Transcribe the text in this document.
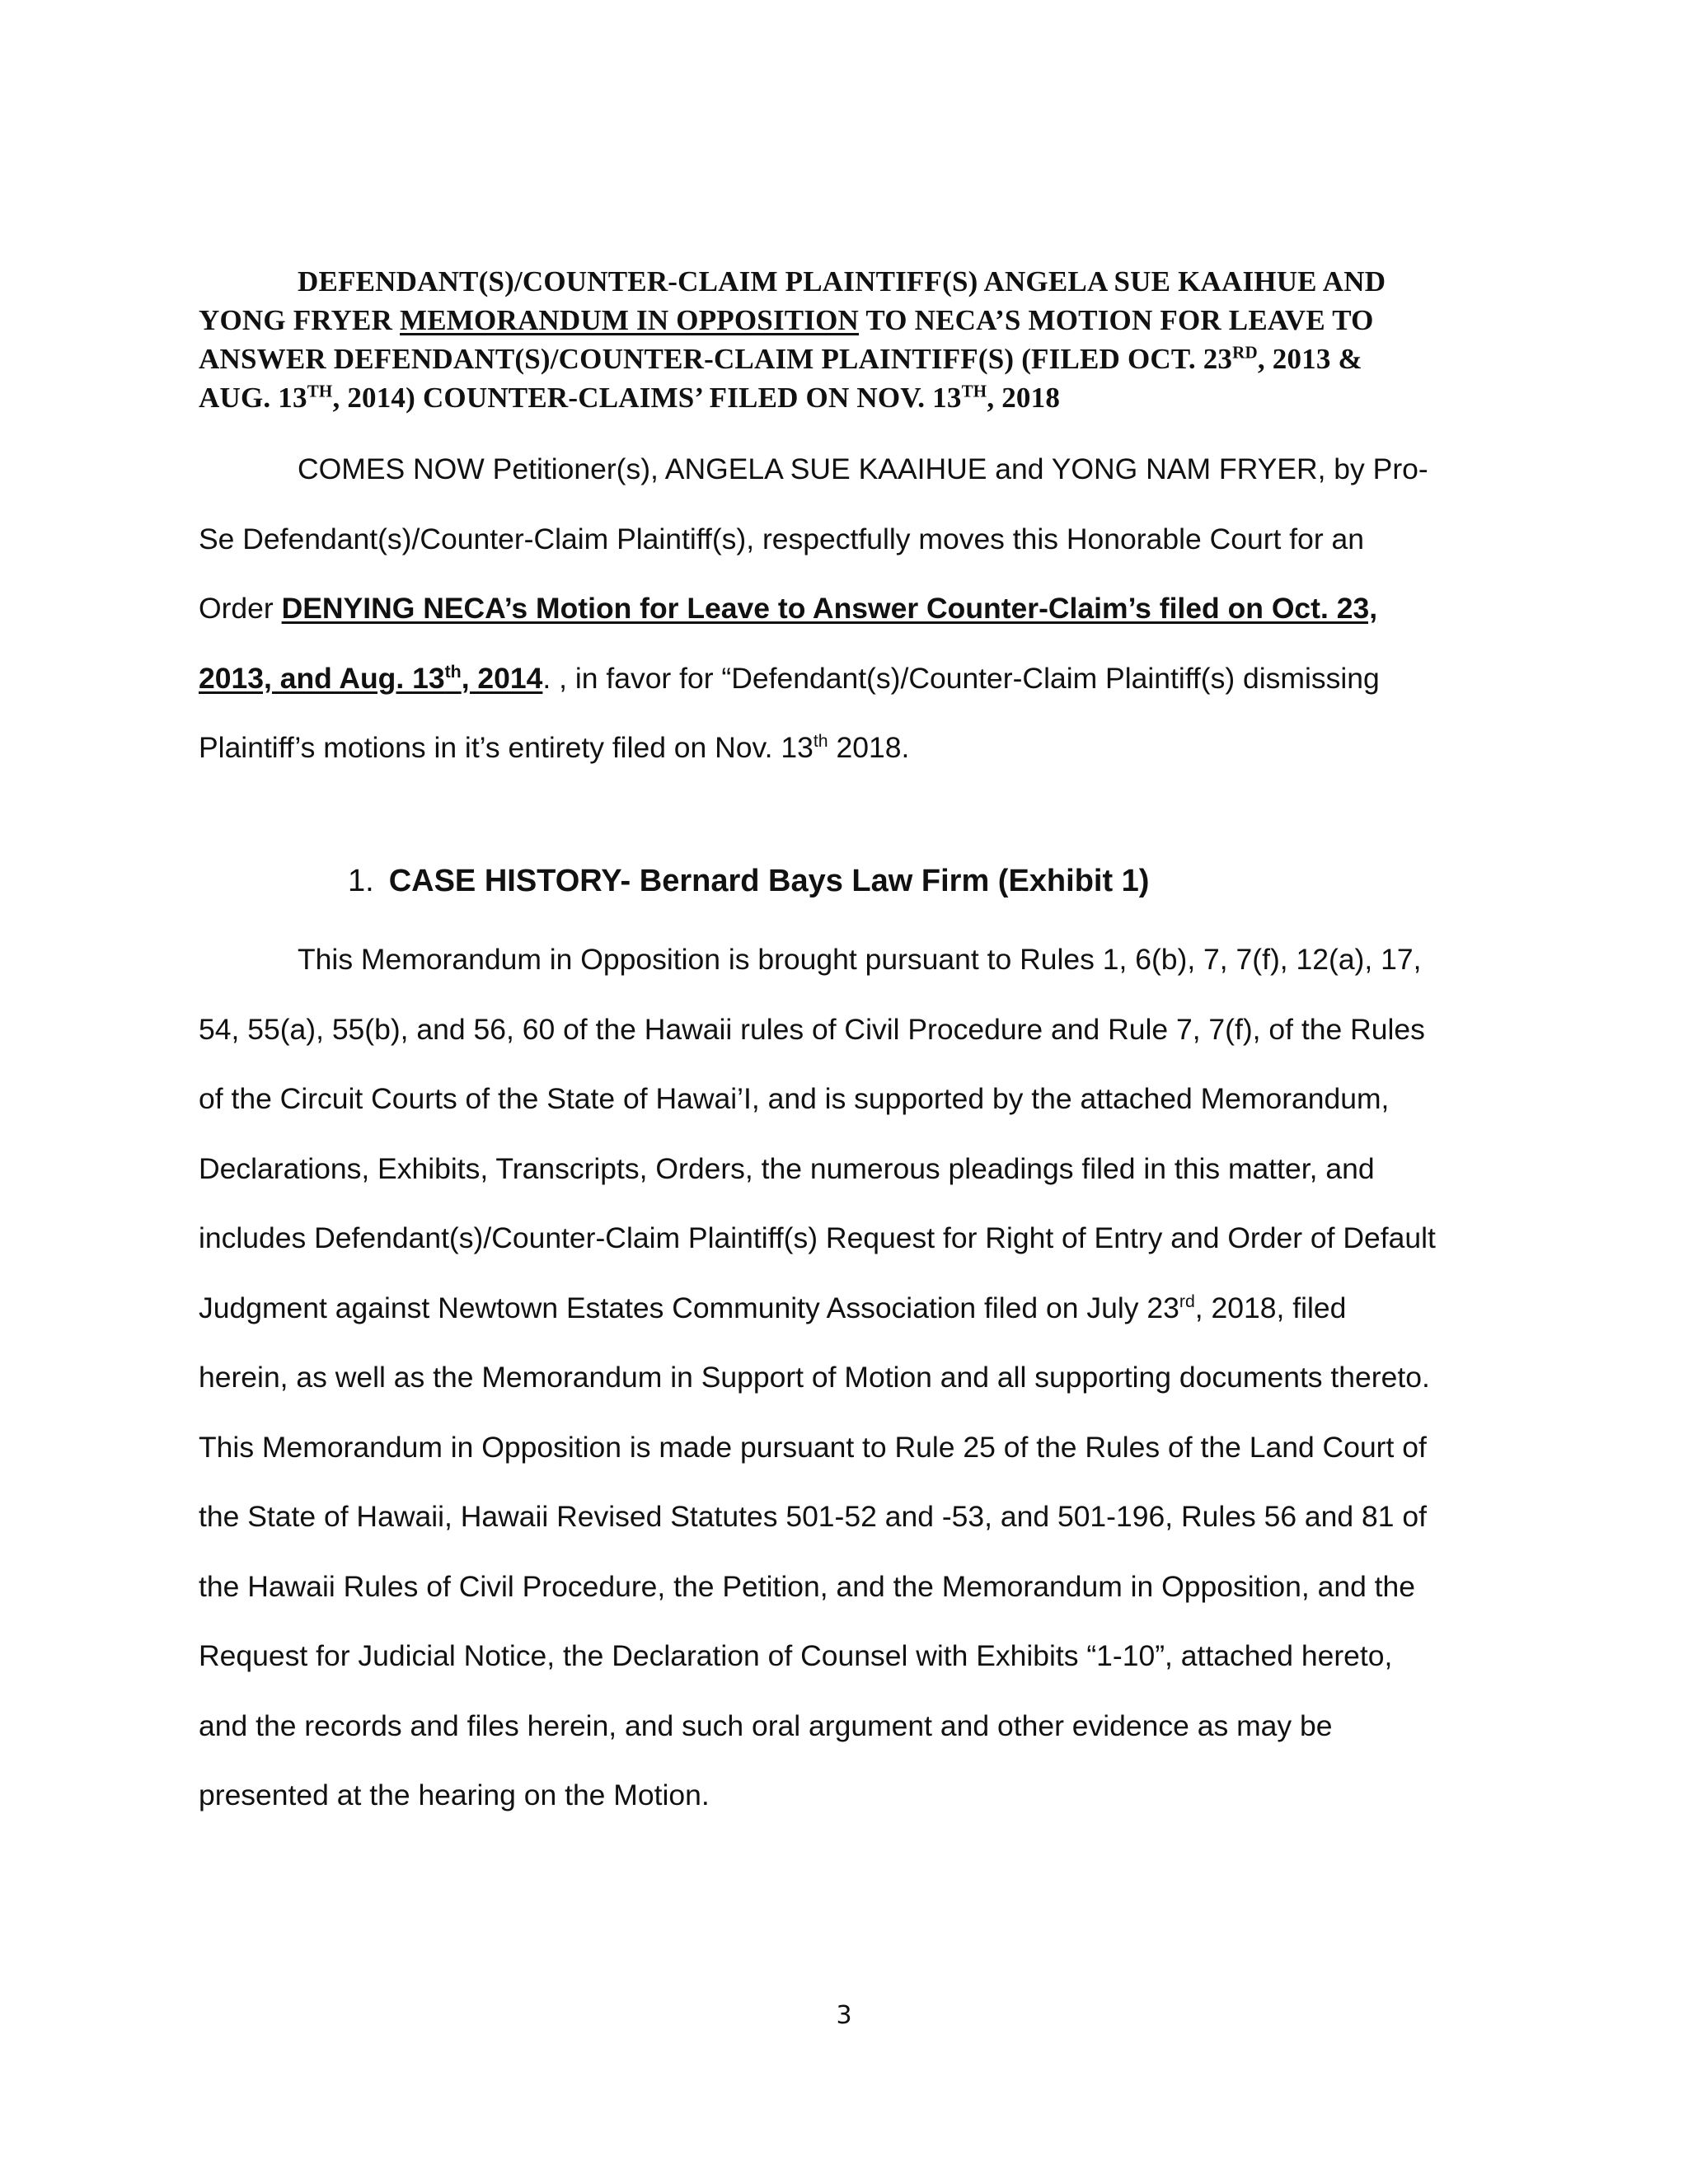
DEFENDANT(S)/COUNTER-CLAIM PLAINTIFF(S) ANGELA SUE KAAIHUE AND
YONG FRYER MEMORANDUM IN OPPOSITION TO NECA’S MOTION FOR LEAVE TO
ANSWER DEFENDANT(S)/COUNTER-CLAIM PLAINTIFF(S) (FILED OCT. 23RD, 2013 &
AUG. 13TH, 2014) COUNTER-CLAIMS’ FILED ON NOV. 13TH, 2018
COMES NOW Petitioner(s), ANGELA SUE KAAIHUE and YONG NAM FRYER, by Pro-
Se Defendant(s)/Counter-Claim Plaintiff(s), respectfully moves this Honorable Court for an
Order DENYING NECA’s Motion for Leave to Answer Counter-Claim’s filed on Oct. 23,
2013, and Aug. 13th, 2014. , in favor for “Defendant(s)/Counter-Claim Plaintiff(s) dismissing
Plaintiff’s motions in it’s entirety filed on Nov. 13th 2018.
1. CASE HISTORY- Bernard Bays Law Firm (Exhibit 1)
This Memorandum in Opposition is brought pursuant to Rules 1, 6(b), 7, 7(f), 12(a), 17,
54, 55(a), 55(b), and 56, 60 of the Hawaii rules of Civil Procedure and Rule 7, 7(f), of the Rules
of the Circuit Courts of the State of Hawai’I, and is supported by the attached Memorandum,
Declarations, Exhibits, Transcripts, Orders, the numerous pleadings filed in this matter, and
includes Defendant(s)/Counter-Claim Plaintiff(s) Request for Right of Entry and Order of Default
Judgment against Newtown Estates Community Association filed on July 23rd, 2018, filed
herein, as well as the Memorandum in Support of Motion and all supporting documents thereto.
This Memorandum in Opposition is made pursuant to Rule 25 of the Rules of the Land Court of
the State of Hawaii, Hawaii Revised Statutes 501-52 and -53, and 501-196, Rules 56 and 81 of
the Hawaii Rules of Civil Procedure, the Petition, and the Memorandum in Opposition, and the
Request for Judicial Notice, the Declaration of Counsel with Exhibits “1-10”, attached hereto,
and the records and files herein, and such oral argument and other evidence as may be
presented at the hearing on the Motion.
3
